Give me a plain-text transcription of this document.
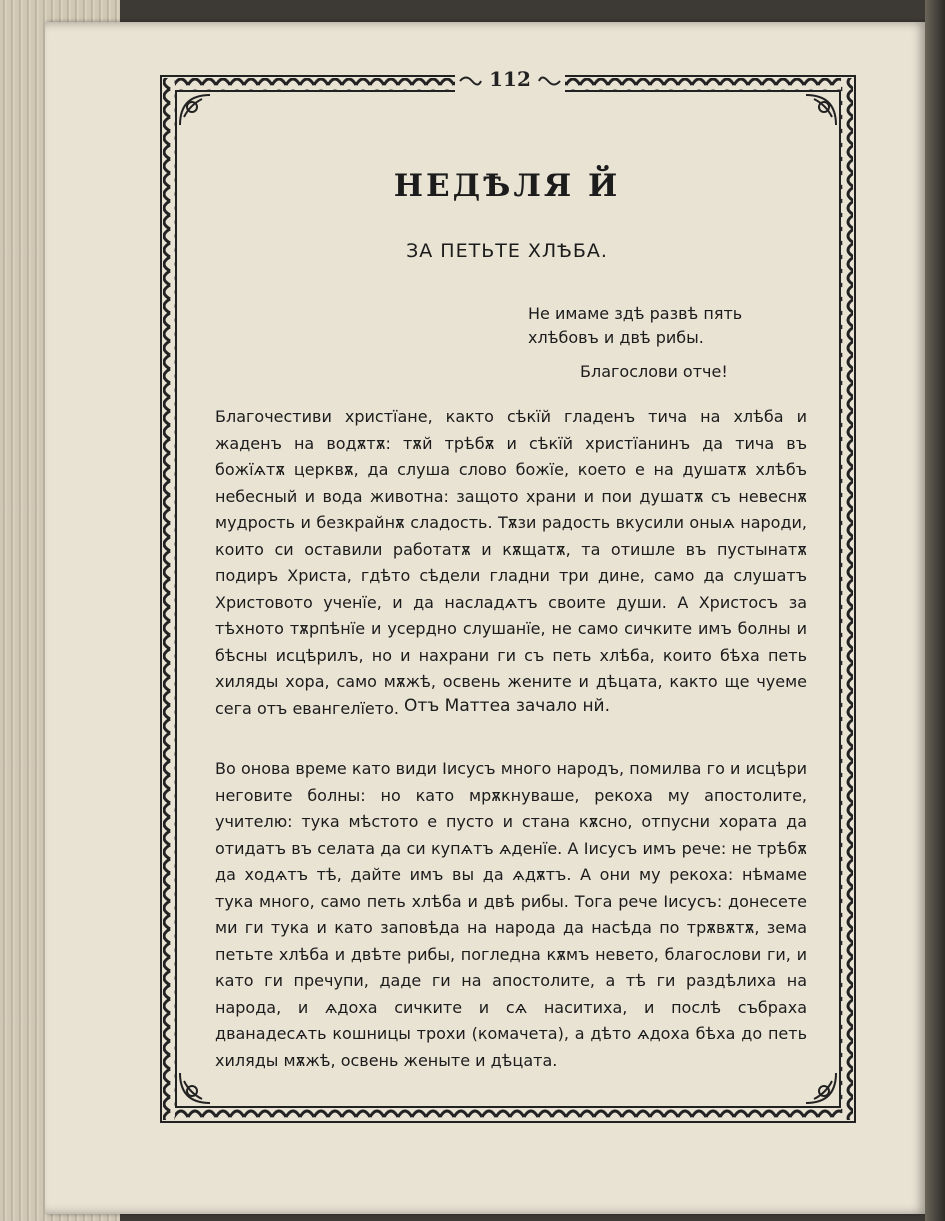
112
НЕДѢЛЯ Й
ЗА ПЕТЬТЕ ХЛѢБА.
Не имаме здѣ развѣ пять хлѣбовъ и двѣ рибы.
Благослови отче!

Благочестиви христїане, както сѣкїй гладенъ тича на хлѣба и жаденъ на водѫтѫ: тѫй трѣбѫ и сѣкїй христїанинъ да тича въ божїѧтѫ церквѫ, да слуша слово божїе, което е на душатѫ хлѣбъ небесный и вода животна: защото храни и пои душатѫ съ невеснѫ мудрость и безкрайнѫ сладость. Тѫзи радость вкусили оныѧ народи, които си оставили работатѫ и кѫщатѫ, та отишле въ пустынатѫ подиръ Христа, гдѣто сѣдели гладни три дине, само да слушатъ Христовото ученїе, и да насладѧтъ своите души. А Христосъ за тѣхното тѫрпѣнїе и усердно слушанїе, не само сичките имъ болны и бѣсны исцѣрилъ, но и нахрани ги съ петь хлѣба, които бѣха петь хиляды хора, само мѫжѣ, освень жените и дѣцата, както ще чуеме сега отъ евангелїето. Отъ Маттеа зачало нй.

Во онова време като види Iисусъ много народъ, помилва го и исцѣри неговите болны: но като мрѫкнуваше, рекоха му апостолите, учителю: тука мѣстото е пусто и стана кѫсно, отпусни хората да отидатъ въ селата да си купѧтъ ѧденїе. А Iисусъ имъ рече: не трѣбѫ да ходѧтъ тѣ, дайте имъ вы да ѧдѫтъ. А они му рекоха: нѣмаме тука много, само петь хлѣба и двѣ рибы. Тога рече Iисусъ: донесете ми ги тука и като заповѣда на народа да насѣда по трѫвѫтѫ, зема петьте хлѣба и двѣте рибы, погледна кѫмъ невето, благослови ги, и като ги пречупи, даде ги на апостолите, а тѣ ги раздѣлиха на народа, и ѧдоха сичките и сѧ наситиха, и послѣ събраха дванадесѧть кошницы трохи (комачета), а дѣто ѧдоха бѣха до петь хиляды мѫжѣ, освень женыте и дѣцата.
